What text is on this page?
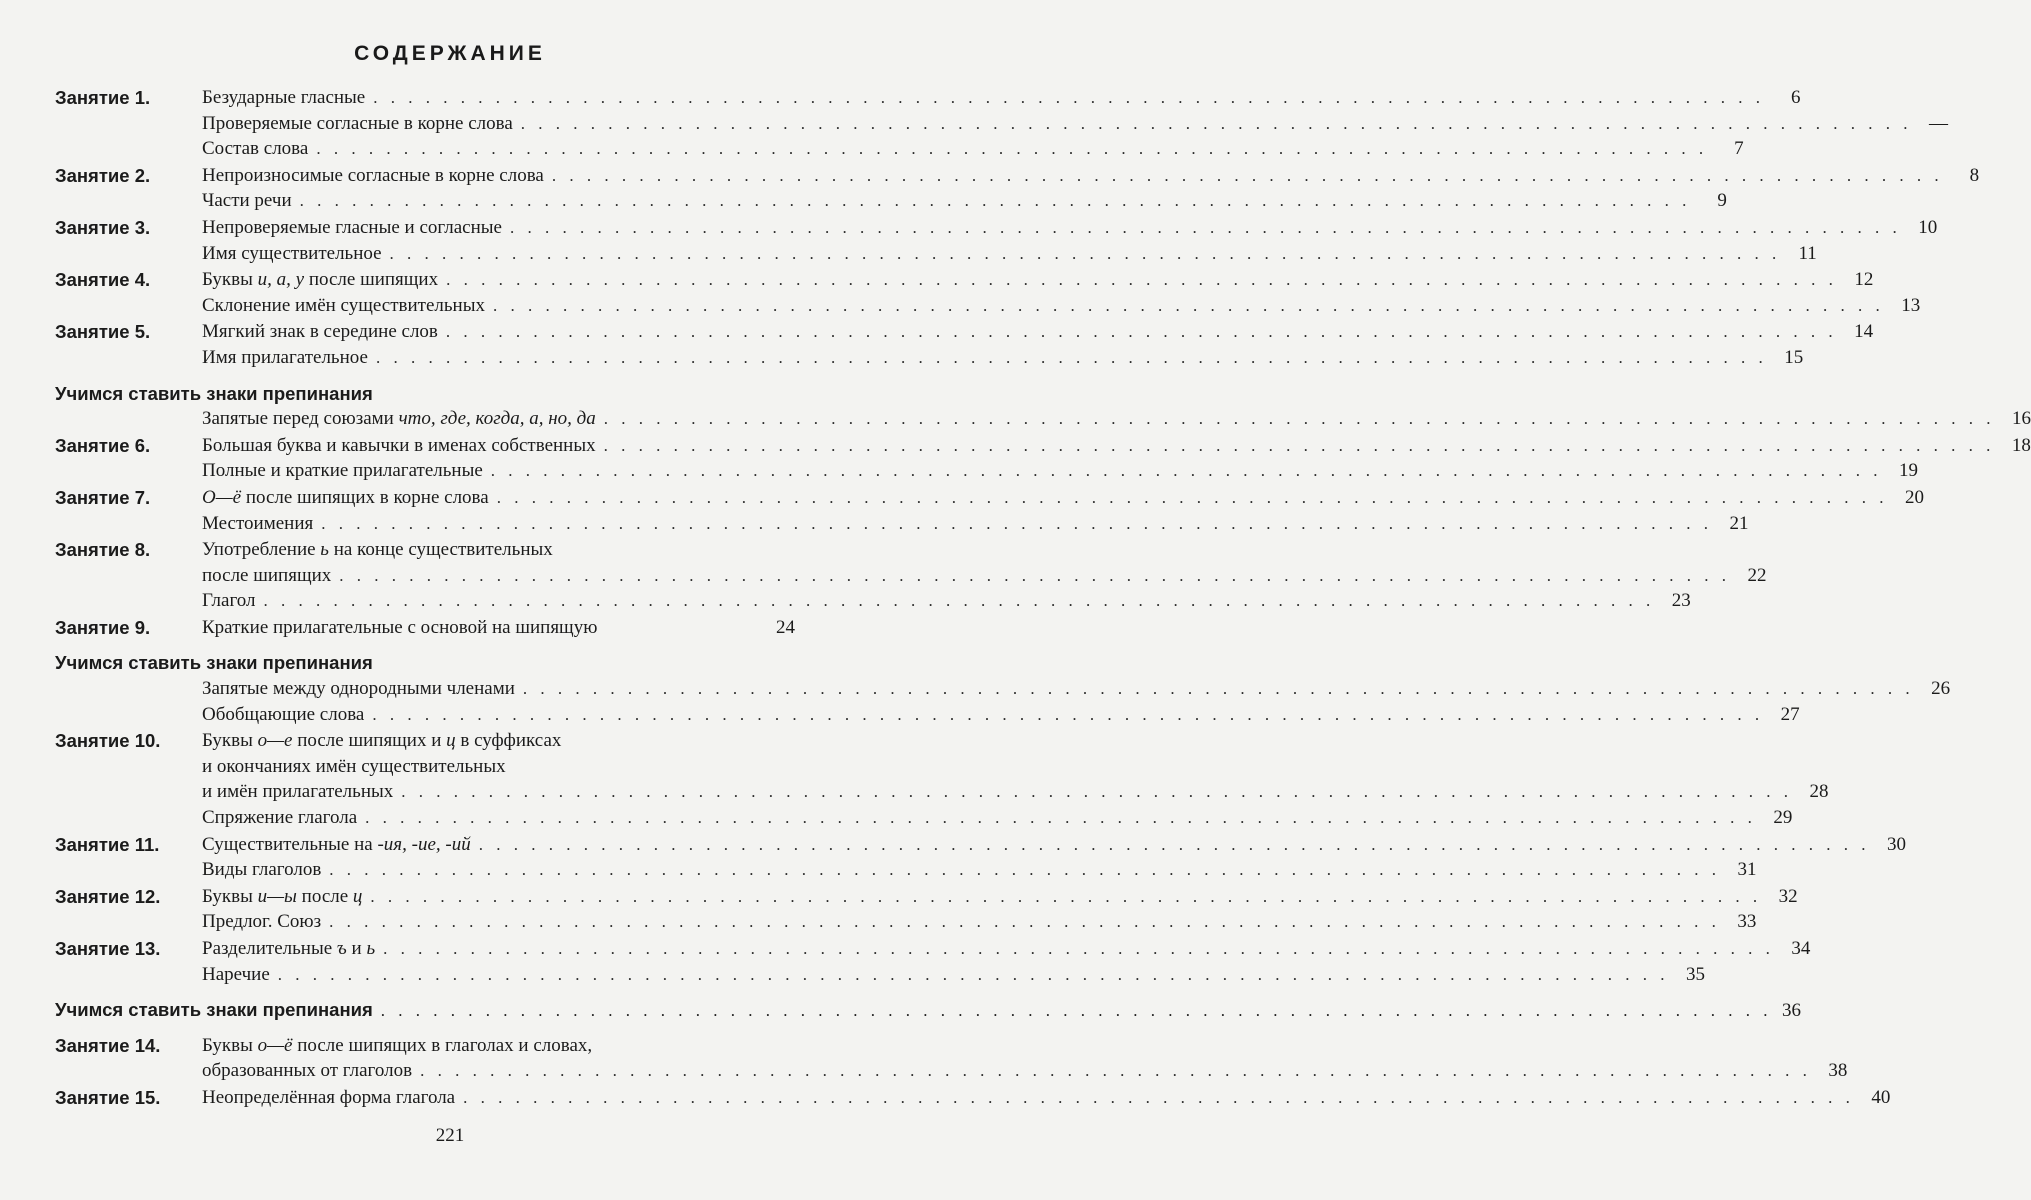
СОДЕРЖАНИЕ
Занятие 1.	Безударные гласные . . . . . . . . . . . . . . . . . . . . . . . . . . . . . . . . . . . . . . . . . . . . . . . . . . . . . . . . . . . . . . . . . . . . . . . . . . . . . . . .	6
Проверяемые согласные в корне слова . . . . . . . . . . . . . . . . . . . . . . . . . . . . . . . . . . . . . . . . . . . . . . . . . . . . . . . . . . . . . . . . . . . . . . . . . . . . . . . . —
Состав слова . . . . . . . . . . . . . . . . . . . . . . . . . . . . . . . . . . . . . . . . . . . . . . . . . . . . . . . . . . . . . . . . . . . . . . . . . . . . . . . .	7
Занятие 2.	Непроизносимые согласные в корне слова . . . . . . . . . . . . . . . . . . . . . . . . . . . . . . . . . . . . . . . . . . . . . . . . . . . . . . . . . . . . . . . . . . . . . . . . . . . . . . . .	8
Части речи . . . . . . . . . . . . . . . . . . . . . . . . . . . . . . . . . . . . . . . . . . . . . . . . . . . . . . . . . . . . . . . . . . . . . . . . . . . . . . . .	9
Занятие 3.	Непроверяемые гласные и согласные . . . . . . . . . . . . . . . . . . . . . . . . . . . . . . . . . . . . . . . . . . . . . . . . . . . . . . . . . . . . . . . . . . . . . . . . . . . . . . . . 10
Имя существительное . . . . . . . . . . . . . . . . . . . . . . . . . . . . . . . . . . . . . . . . . . . . . . . . . . . . . . . . . . . . . . . . . . . . . . . . . . . . . . . . 11
Занятие 4.	Буквы и, а, у после шипящих . . . . . . . . . . . . . . . . . . . . . . . . . . . . . . . . . . . . . . . . . . . . . . . . . . . . . . . . . . . . . . . . . . . . . . . . . . . . . . . . 12
Склонение имён существительных . . . . . . . . . . . . . . . . . . . . . . . . . . . . . . . . . . . . . . . . . . . . . . . . . . . . . . . . . . . . . . . . . . . . . . . . . . . . . . . . 13
Занятие 5.	Мягкий знак в середине слов . . . . . . . . . . . . . . . . . . . . . . . . . . . . . . . . . . . . . . . . . . . . . . . . . . . . . . . . . . . . . . . . . . . . . . . . . . . . . . . . 14
Имя прилагательное . . . . . . . . . . . . . . . . . . . . . . . . . . . . . . . . . . . . . . . . . . . . . . . . . . . . . . . . . . . . . . . . . . . . . . . . . . . . . . . . 15
Учимся ставить знаки препинания
Запятые перед союзами что, где, когда, а, но, да . . . . . . . . . . . . . . . . . . . . . . . . . . . . . . . . . . . . . . . . . . . . . . . . . . . . . . . . . . . . . . . . . . . . . . . . . . . . . . . . 16
Занятие 6.	Большая буква и кавычки в именах собственных . . . . . . . . . . . . . . . . . . . . . . . . . . . . . . . . . . . . . . . . . . . . . . . . . . . . . . . . . . . . . . . . . . . . . . . . . . . . . . . . 18
Полные и краткие прилагательные . . . . . . . . . . . . . . . . . . . . . . . . . . . . . . . . . . . . . . . . . . . . . . . . . . . . . . . . . . . . . . . . . . . . . . . . . . . . . . . . 19
Занятие 7.	О—ё после шипящих в корне слова . . . . . . . . . . . . . . . . . . . . . . . . . . . . . . . . . . . . . . . . . . . . . . . . . . . . . . . . . . . . . . . . . . . . . . . . . . . . . . . . 20
Местоимения . . . . . . . . . . . . . . . . . . . . . . . . . . . . . . . . . . . . . . . . . . . . . . . . . . . . . . . . . . . . . . . . . . . . . . . . . . . . . . . . 21
Занятие 8.	Употребление ь на конце существительных
после шипящих . . . . . . . . . . . . . . . . . . . . . . . . . . . . . . . . . . . . . . . . . . . . . . . . . . . . . . . . . . . . . . . . . . . . . . . . . . . . . . . . 22
Глагол . . . . . . . . . . . . . . . . . . . . . . . . . . . . . . . . . . . . . . . . . . . . . . . . . . . . . . . . . . . . . . . . . . . . . . . . . . . . . . . . 23
Занятие 9.	Краткие прилагательные с основой на шипящую	24
Учимся ставить знаки препинания
Запятые между однородными членами . . . . . . . . . . . . . . . . . . . . . . . . . . . . . . . . . . . . . . . . . . . . . . . . . . . . . . . . . . . . . . . . . . . . . . . . . . . . . . . . 26
Обобщающие слова . . . . . . . . . . . . . . . . . . . . . . . . . . . . . . . . . . . . . . . . . . . . . . . . . . . . . . . . . . . . . . . . . . . . . . . . . . . . . . . . 27
Занятие 10. Буквы о—е после шипящих и ц в суффиксах
и окончаниях имён существительных
и имён прилагательных . . . . . . . . . . . . . . . . . . . . . . . . . . . . . . . . . . . . . . . . . . . . . . . . . . . . . . . . . . . . . . . . . . . . . . . . . . . . . . . . 28
Спряжение глагола . . . . . . . . . . . . . . . . . . . . . . . . . . . . . . . . . . . . . . . . . . . . . . . . . . . . . . . . . . . . . . . . . . . . . . . . . . . . . . . . 29
Занятие 11. Существительные на -ия, -ие, -ий . . . . . . . . . . . . . . . . . . . . . . . . . . . . . . . . . . . . . . . . . . . . . . . . . . . . . . . . . . . . . . . . . . . . . . . . . . . . . . . . 30
Виды глаголов . . . . . . . . . . . . . . . . . . . . . . . . . . . . . . . . . . . . . . . . . . . . . . . . . . . . . . . . . . . . . . . . . . . . . . . . . . . . . . . . 31
Занятие 12. Буквы и—ы после ц . . . . . . . . . . . . . . . . . . . . . . . . . . . . . . . . . . . . . . . . . . . . . . . . . . . . . . . . . . . . . . . . . . . . . . . . . . . . . . . . 32
Предлог. Союз . . . . . . . . . . . . . . . . . . . . . . . . . . . . . . . . . . . . . . . . . . . . . . . . . . . . . . . . . . . . . . . . . . . . . . . . . . . . . . . . 33
Занятие 13. Разделительные ъ и ь . . . . . . . . . . . . . . . . . . . . . . . . . . . . . . . . . . . . . . . . . . . . . . . . . . . . . . . . . . . . . . . . . . . . . . . . . . . . . . . . 34
Наречие . . . . . . . . . . . . . . . . . . . . . . . . . . . . . . . . . . . . . . . . . . . . . . . . . . . . . . . . . . . . . . . . . . . . . . . . . . . . . . . . 35
Учимся ставить знаки препинания . . . . . . . . . . . . . . . . . . . . . . . . . . . . . . . . . . . . . . . . . . . . . . . . . . . . . . . . . . . . . . . . . . . . . . . . . . . . . . . . 36
Занятие 14. Буквы о—ё после шипящих в глаголах и словах,
образованных от глаголов . . . . . . . . . . . . . . . . . . . . . . . . . . . . . . . . . . . . . . . . . . . . . . . . . . . . . . . . . . . . . . . . . . . . . . . . . . . . . . . . 38
Занятие 15. Неопределённая форма глагола . . . . . . . . . . . . . . . . . . . . . . . . . . . . . . . . . . . . . . . . . . . . . . . . . . . . . . . . . . . . . . . . . . . . . . . . . . . . . . . . 40
221
